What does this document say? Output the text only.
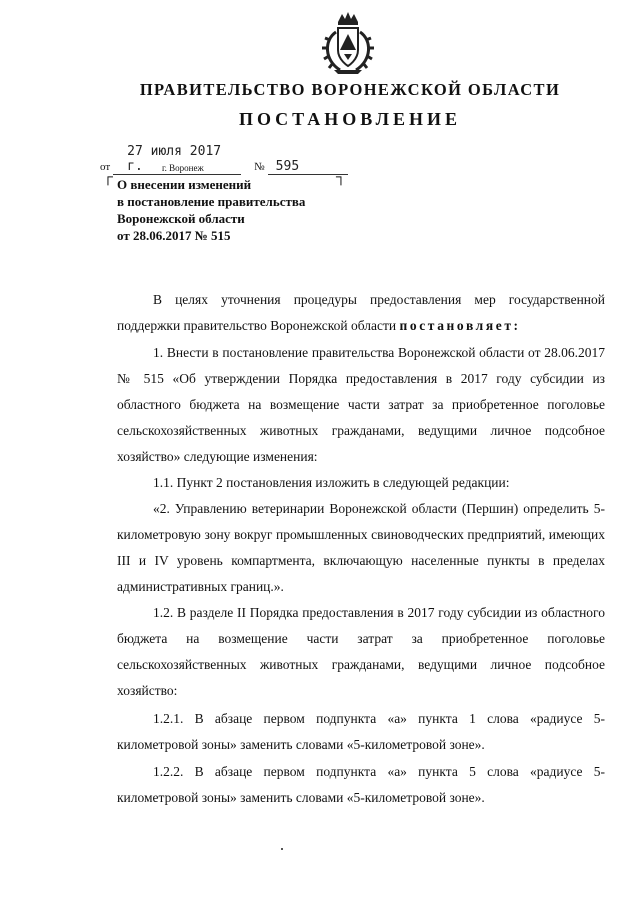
ПРАВИТЕЛЬСТВО ВОРОНЕЖСКОЙ ОБЛАСТИ
ПОСТАНОВЛЕНИЕ
от 27 июля 2017 г.	№ 595
г. Воронеж
┌	┐
О внесении изменений
в постановление правительства
Воронежской области
от 28.06.2017 № 515

В целях уточнения процедуры предоставления мер государственной поддержки правительство Воронежской области постановляет:

1. Внести в постановление правительства Воронежской области от 28.06.2017 № 515 «Об утверждении Порядка предоставления в 2017 году субсидии из областного бюджета на возмещение части затрат за приобретенное поголовье сельскохозяйственных животных гражданами, ведущими личное подсобное хозяйство» следующие изменения:

1.1. Пункт 2 постановления изложить в следующей редакции:

«2. Управлению ветеринарии Воронежской области (Першин) определить 5-километровую зону вокруг промышленных свиноводческих предприятий, имеющих III и IV уровень компартмента, включающую населенные пункты в пределах административных границ.».

1.2. В разделе II Порядка предоставления в 2017 году субсидии из областного бюджета на возмещение части затрат за приобретенное поголовье сельскохозяйственных животных гражданами, ведущими личное подсобное хозяйство:

1.2.1. В абзаце первом подпункта «а» пункта 1 слова «радиусе 5-километровой зоны» заменить словами «5-километровой зоне».

1.2.2. В абзаце первом подпункта «а» пункта 5 слова «радиусе 5-километровой зоны» заменить словами «5-километровой зоне».
